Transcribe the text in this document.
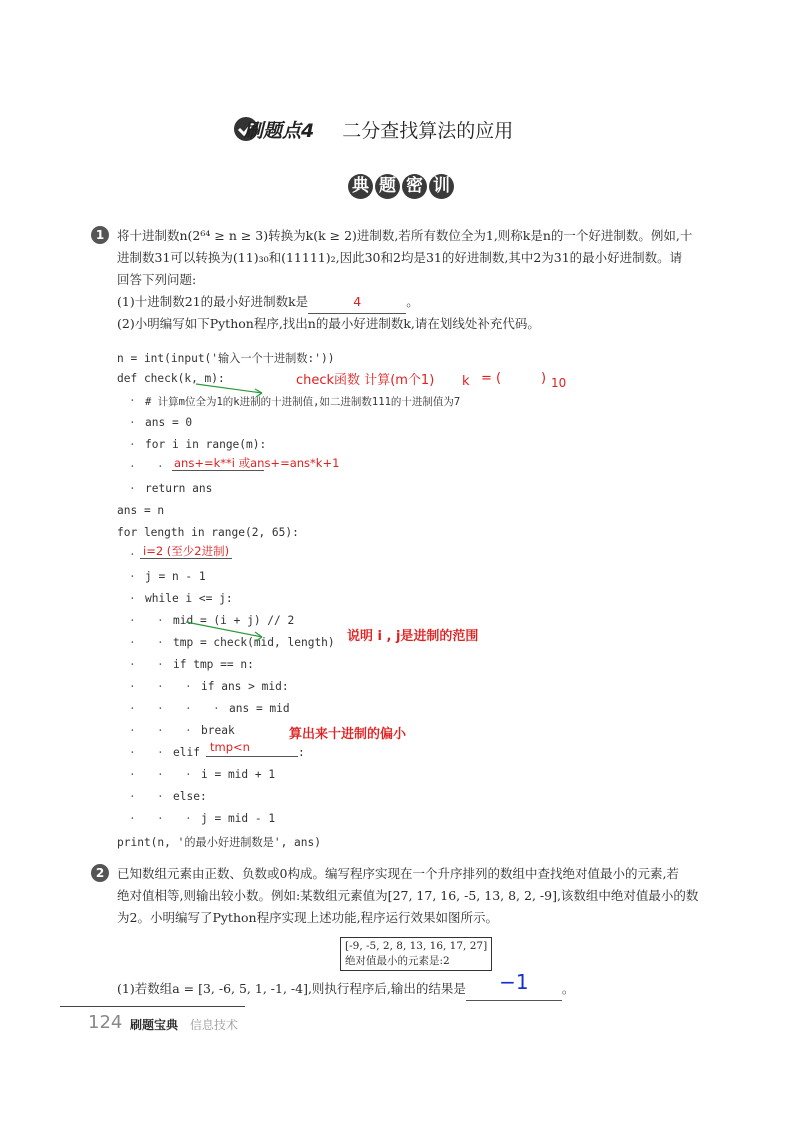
刷题点4 二分查找算法的应用
典 题 密 训
1	将十进制数n(2⁶⁴ ≥ n ≥ 3)转换为k(k ≥ 2)进制数,若所有数位全为1,则称k是n的一个好进制数。例如,十
进制数31可以转换为(11)₃₀和(11111)₂,因此30和2均是31的好进制数,其中2为31的最小好进制数。请
回答下列问题:
(1)十进制数21的最小好进制数k是	4	。
(2)小明编写如下Python程序,找出n的最小好进制数k,请在划线处补充代码。
n = int(input('输入一个十进制数:'))
def check(k, m):
· # 计算m位全为1的k进制的十进制值,如二进制数111的十进制值为7
· ans = 0
· for i in range(m):
· ·
· return ans
ans = n
for length in range(2, 65):
·
· j = n - 1
· while i <= j:
· · mid = (i + j) // 2
· · tmp = check(mid, length)
· · if tmp == n:
· · · if ans > mid:
· · · · ans = mid
· · · break
· · elif	:
· · · i = mid + 1
· · else:
· · · j = mid - 1
print(n, '的最小好进制数是', ans)
check函数 计算(m个1) k = (	) 10
ans+=k**i 或ans+=ans*k+1
i=2 (至少2进制)
说明 i , j是进制的范围
算出来十进制的偏小
tmp<n
2	已知数组元素由正数、负数或0构成。编写程序实现在一个升序排列的数组中查找绝对值最小的元素,若
绝对值相等,则输出较小数。例如:某数组元素值为[27, 17, 16, -5, 13, 8, 2, -9],该数组中绝对值最小的数
为2。小明编写了Python程序实现上述功能,程序运行效果如图所示。
[-9, -5, 2, 8, 13, 16, 17, 27]
绝对值最小的元素是:2
(1)若数组a = [3, -6, 5, 1, -1, -4],则执行程序后,输出的结果是 −1	。
124 刷题宝典 信息技术
